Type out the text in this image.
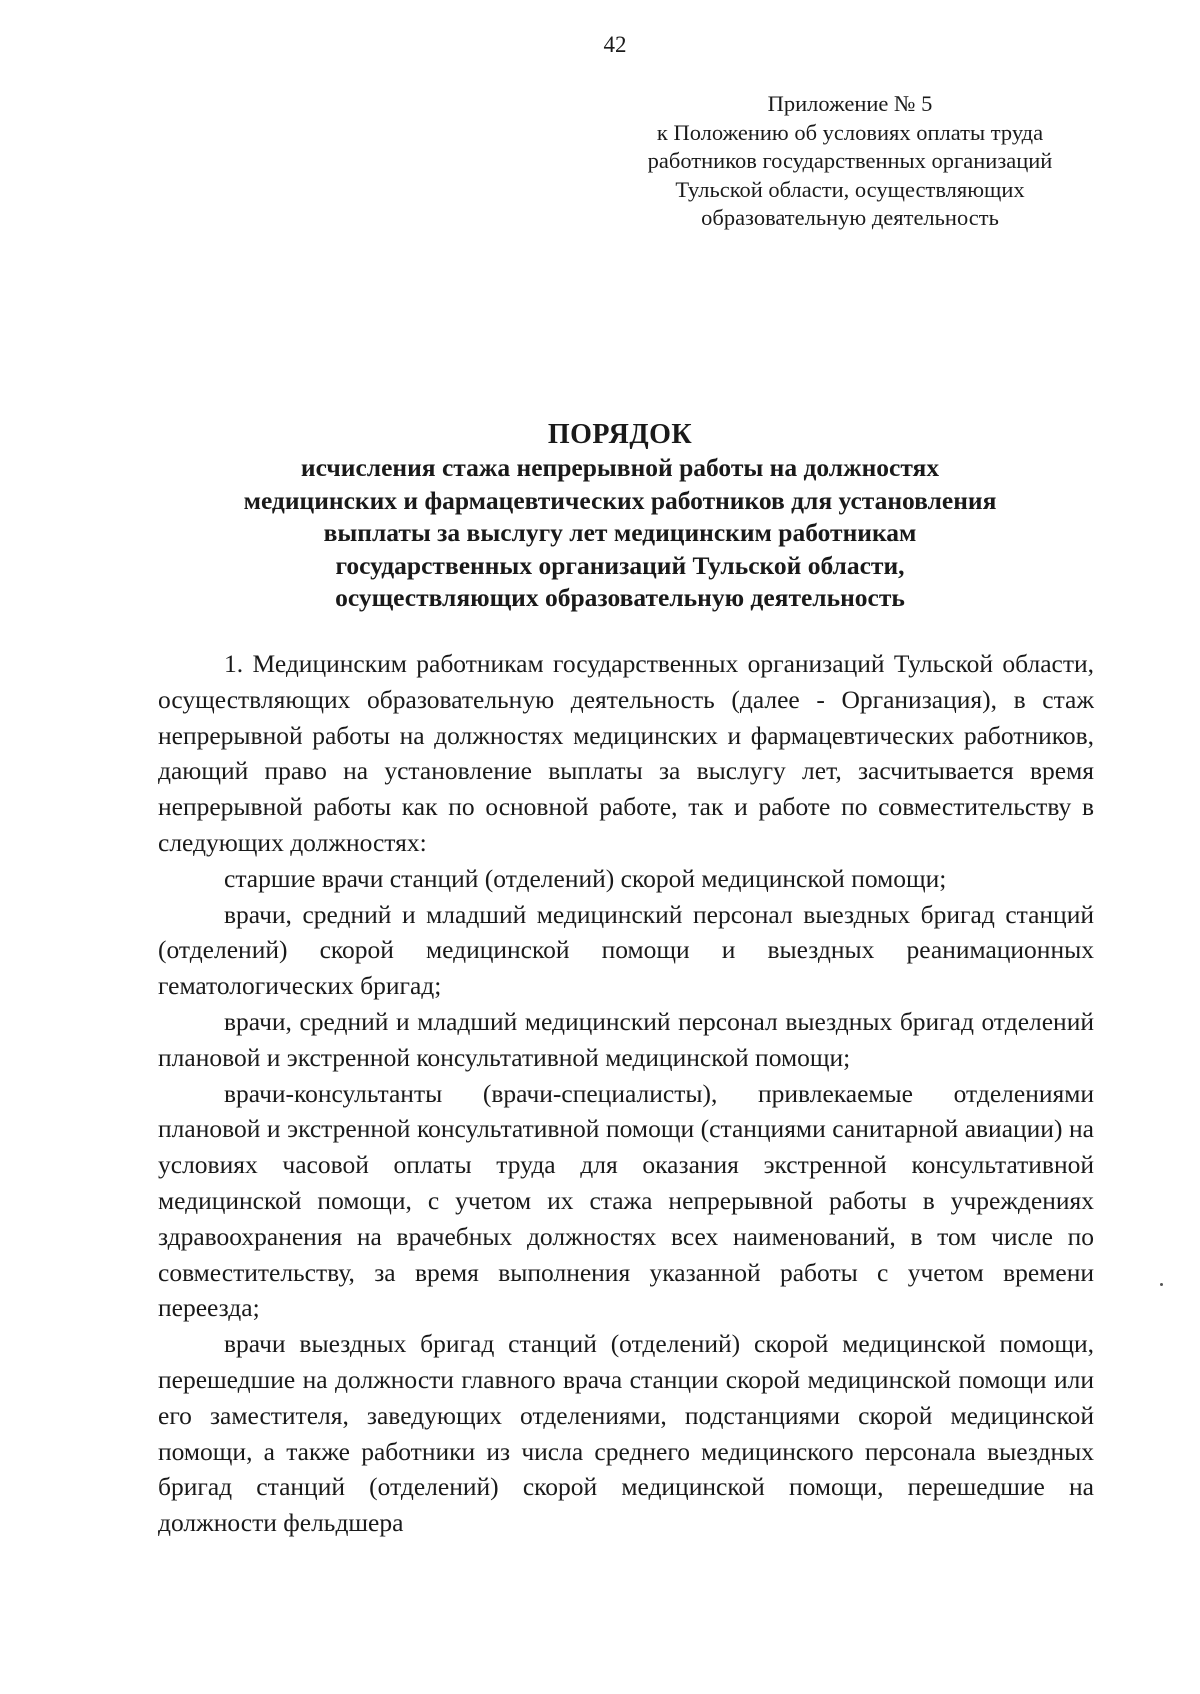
42
Приложение № 5
к Положению об условиях оплаты труда
работников государственных организаций
Тульской области, осуществляющих
образовательную деятельность
ПОРЯДОК
исчисления стажа непрерывной работы на должностях
медицинских и фармацевтических работников для установления
выплаты за выслугу лет медицинским работникам
государственных организаций Тульской области,
осуществляющих образовательную деятельность

1. Медицинским работникам государственных организаций Тульской области, осуществляющих образовательную деятельность (далее - Организация), в стаж непрерывной работы на должностях медицинских и фармацевтических работников, дающий право на установление выплаты за выслугу лет, засчитывается время непрерывной работы как по основной работе, так и работе по совместительству в следующих должностях:

старшие врачи станций (отделений) скорой медицинской помощи;

врачи, средний и младший медицинский персонал выездных бригад станций (отделений) скорой медицинской помощи и выездных реанимационных гематологических бригад;

врачи, средний и младший медицинский персонал выездных бригад отделений плановой и экстренной консультативной медицинской помощи;

врачи-консультанты (врачи-специалисты), привлекаемые отделениями плановой и экстренной консультативной помощи (станциями санитарной авиации) на условиях часовой оплаты труда для оказания экстренной консультативной медицинской помощи, с учетом их стажа непрерывной работы в учреждениях здравоохранения на врачебных должностях всех наименований, в том числе по совместительству, за время выполнения указанной работы с учетом времени переезда;

врачи выездных бригад станций (отделений) скорой медицинской помощи, перешедшие на должности главного врача станции скорой медицинской помощи или его заместителя, заведующих отделениями, подстанциями скорой медицинской помощи, а также работники из числа среднего медицинского персонала выездных бригад станций (отделений) скорой медицинской помощи, перешедшие на должности фельдшера
